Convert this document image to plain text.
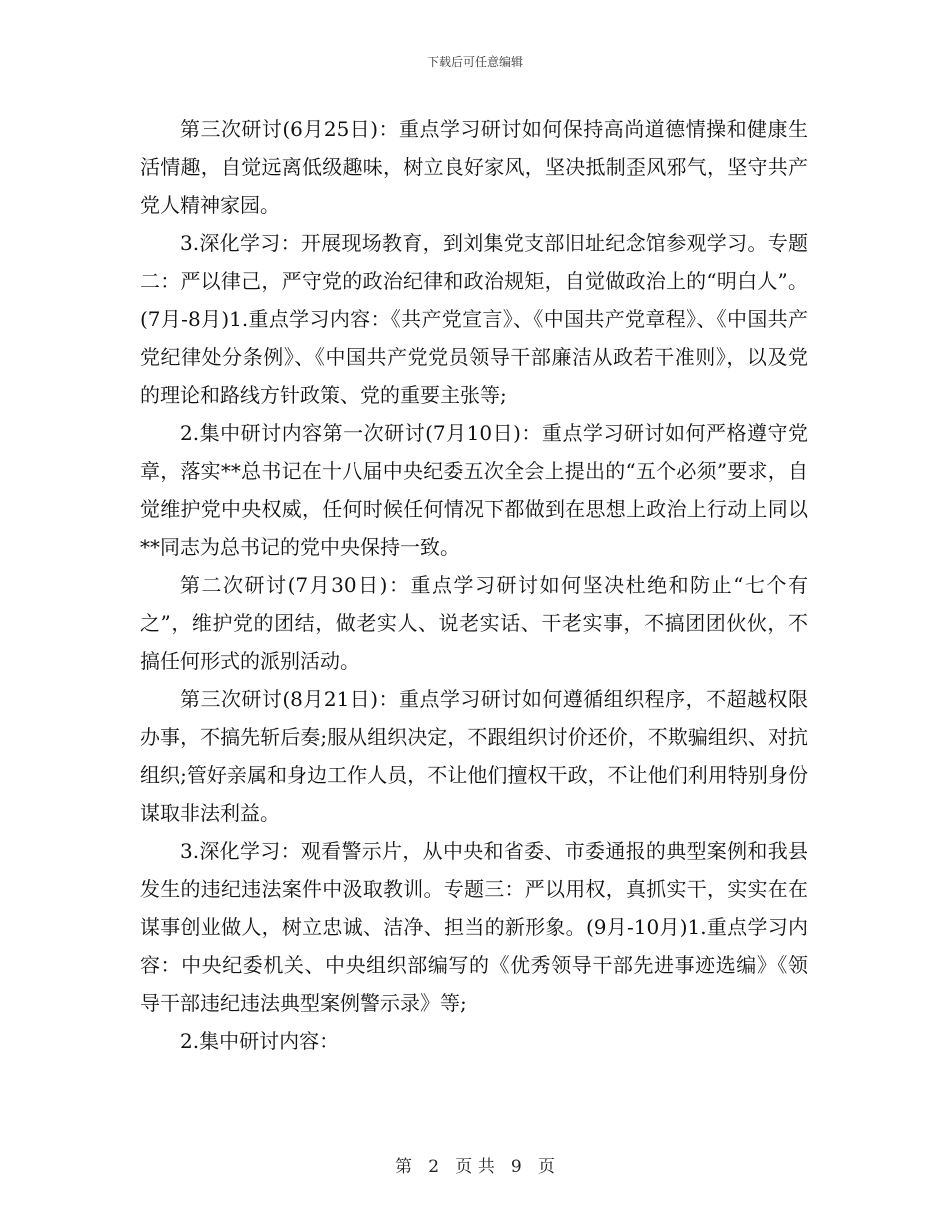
下载后可任意编辑

第三次研讨(6月25日)：重点学习研讨如何保持高尚道德情操和健康生活情趣，自觉远离低级趣味，树立良好家风，坚决抵制歪风邪气，坚守共产党人精神家园。

3.深化学习：开展现场教育，到刘集党支部旧址纪念馆参观学习。专题二：严以律己，严守党的政治纪律和政治规矩，自觉做政治上的“明白人”。(7月-8月)1.重点学习内容：《共产党宣言》、《中国共产党章程》、《中国共产党纪律处分条例》、《中国共产党党员领导干部廉洁从政若干准则》，以及党的理论和路线方针政策、党的重要主张等;

2.集中研讨内容第一次研讨(7月10日)：重点学习研讨如何严格遵守党章，落实**总书记在十八届中央纪委五次全会上提出的“五个必须”要求，自觉维护党中央权威，任何时候任何情况下都做到在思想上政治上行动上同以**同志为总书记的党中央保持一致。

第二次研讨(7月30日)：重点学习研讨如何坚决杜绝和防止“七个有之”，维护党的团结，做老实人、说老实话、干老实事，不搞团团伙伙，不搞任何形式的派别活动。

第三次研讨(8月21日)：重点学习研讨如何遵循组织程序，不超越权限办事，不搞先斩后奏;服从组织决定，不跟组织讨价还价，不欺骗组织、对抗组织;管好亲属和身边工作人员，不让他们擅权干政，不让他们利用特别身份谋取非法利益。

3.深化学习：观看警示片，从中央和省委、市委通报的典型案例和我县发生的违纪违法案件中汲取教训。专题三：严以用权，真抓实干，实实在在谋事创业做人，树立忠诚、洁净、担当的新形象。(9月-10月)1.重点学习内容：中央纪委机关、中央组织部编写的《优秀领导干部先进事迹选编》《领导干部违纪违法典型案例警示录》等;

2.集中研讨内容：

第 2 页 共 9 页
